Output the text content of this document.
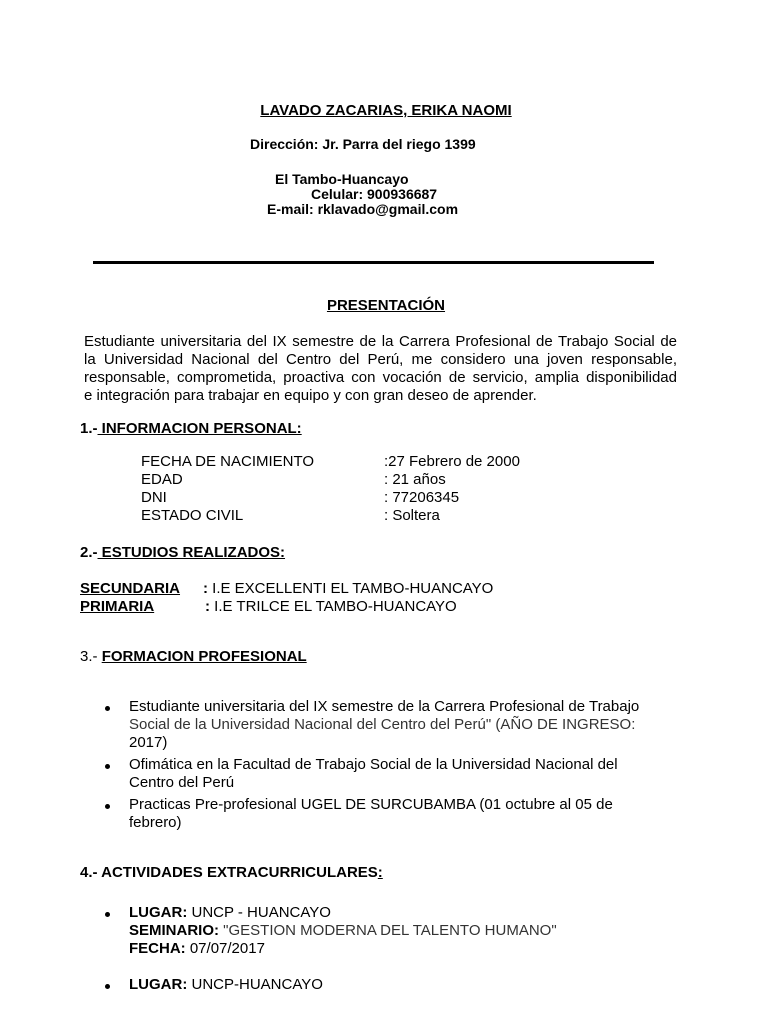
LAVADO ZACARIAS, ERIKA NAOMI
Dirección: Jr. Parra del riego 1399
El Tambo-Huancayo
Celular: 900936687
E-mail: rklavado@gmail.com
PRESENTACIÓN
Estudiante universitaria del IX semestre de la Carrera Profesional de Trabajo Social de
la Universidad Nacional del Centro del Perú, me considero una joven responsable,
responsable, comprometida, proactiva con vocación de servicio, amplia disponibilidad
e integración para trabajar en equipo y con gran deseo de aprender.
1.- INFORMACION PERSONAL:
FECHA DE NACIMIENTO	:27 Febrero de 2000
EDAD	: 21 años
DNI	: 77206345
ESTADO CIVIL	: Soltera
2.- ESTUDIOS REALIZADOS:
SECUNDARIA : I.E EXCELLENTI EL TAMBO-HUANCAYO
PRIMARIA	: I.E TRILCE EL TAMBO-HUANCAYO
3.- FORMACION PROFESIONAL
Estudiante universitaria del IX semestre de la Carrera Profesional de Trabajo
Social de la Universidad Nacional del Centro del Perú" (AÑO DE INGRESO:
2017)
Ofimática en la Facultad de Trabajo Social de la Universidad Nacional del
Centro del Perú
Practicas Pre-profesional UGEL DE SURCUBAMBA (01 octubre al 05 de
febrero)
4.- ACTIVIDADES EXTRACURRICULARES:
LUGAR: UNCP - HUANCAYO
SEMINARIO: "GESTION MODERNA DEL TALENTO HUMANO"
FECHA: 07/07/2017
LUGAR: UNCP-HUANCAYO
